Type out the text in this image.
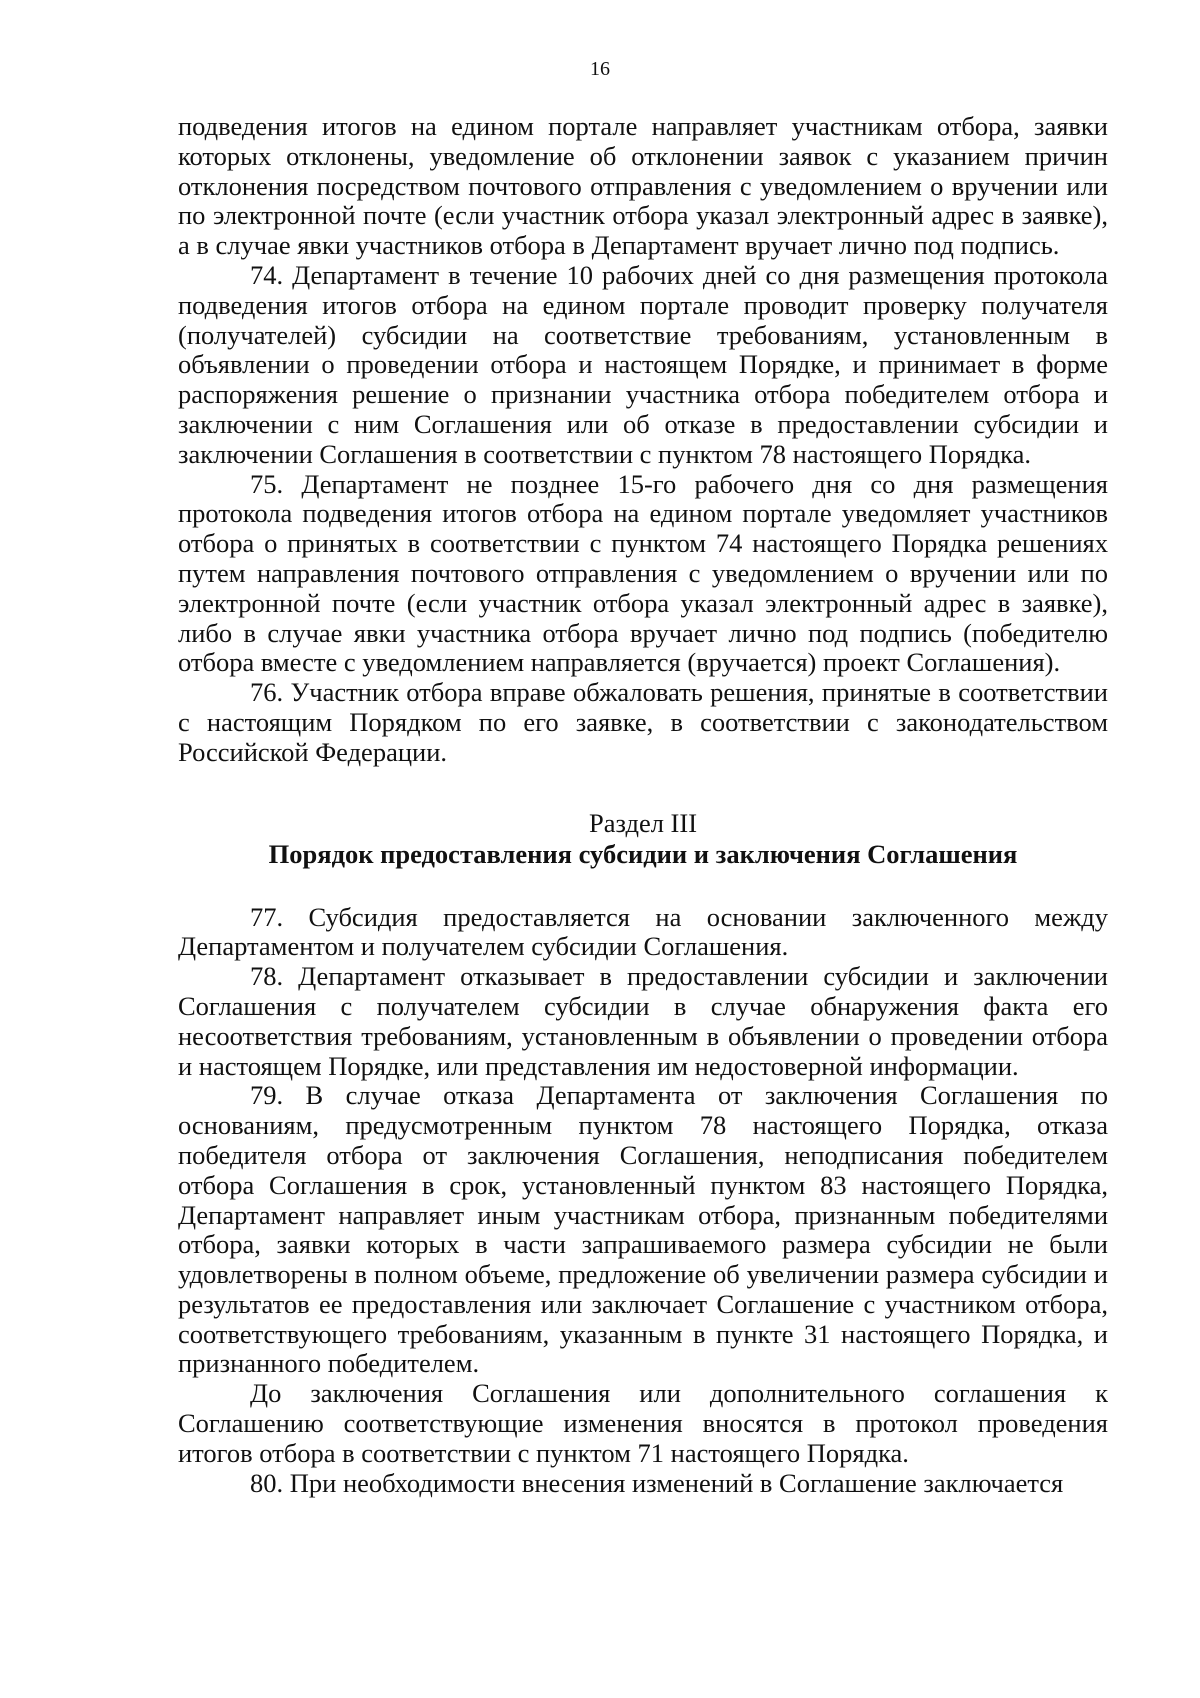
16

подведения итогов на едином портале направляет участникам отбора, заявки которых отклонены, уведомление об отклонении заявок с указанием причин отклонения посредством почтового отправления с уведомлением о вручении или по электронной почте (если участник отбора указал электронный адрес в заявке), а в случае явки участников отбора в Департамент вручает лично под подпись.

74. Департамент в течение 10 рабочих дней со дня размещения протокола подведения итогов отбора на едином портале проводит проверку получателя (получателей) субсидии на соответствие требованиям, установленным в объявлении о проведении отбора и настоящем Порядке, и принимает в форме распоряжения решение о признании участника отбора победителем отбора и заключении с ним Соглашения или об отказе в предоставлении субсидии и заключении Соглашения в соответствии с пунктом 78 настоящего Порядка.

75. Департамент не позднее 15-го рабочего дня со дня размещения протокола подведения итогов отбора на едином портале уведомляет участников отбора о принятых в соответствии с пунктом 74 настоящего Порядка решениях путем направления почтового отправления с уведомлением о вручении или по электронной почте (если участник отбора указал электронный адрес в заявке), либо в случае явки участника отбора вручает лично под подпись (победителю отбора вместе с уведомлением направляется (вручается) проект Соглашения).

76. Участник отбора вправе обжаловать решения, принятые в соответствии с настоящим Порядком по его заявке, в соответствии с законодательством Российской Федерации.

Раздел III
Порядок предоставления субсидии и заключения Соглашения

77. Субсидия предоставляется на основании заключенного между Департаментом и получателем субсидии Соглашения.

78. Департамент отказывает в предоставлении субсидии и заключении Соглашения с получателем субсидии в случае обнаружения факта его несоответствия требованиям, установленным в объявлении о проведении отбора и настоящем Порядке, или представления им недостоверной информации.

79. В случае отказа Департамента от заключения Соглашения по основаниям, предусмотренным пунктом 78 настоящего Порядка, отказа победителя отбора от заключения Соглашения, неподписания победителем отбора Соглашения в срок, установленный пунктом 83 настоящего Порядка, Департамент направляет иным участникам отбора, признанным победителями отбора, заявки которых в части запрашиваемого размера субсидии не были удовлетворены в полном объеме, предложение об увеличении размера субсидии и результатов ее предоставления или заключает Соглашение с участником отбора, соответствующего требованиям, указанным в пункте 31 настоящего Порядка, и признанного победителем.

До заключения Соглашения или дополнительного соглашения к Соглашению соответствующие изменения вносятся в протокол проведения итогов отбора в соответствии с пунктом 71 настоящего Порядка.

80. При необходимости внесения изменений в Соглашение заключается
